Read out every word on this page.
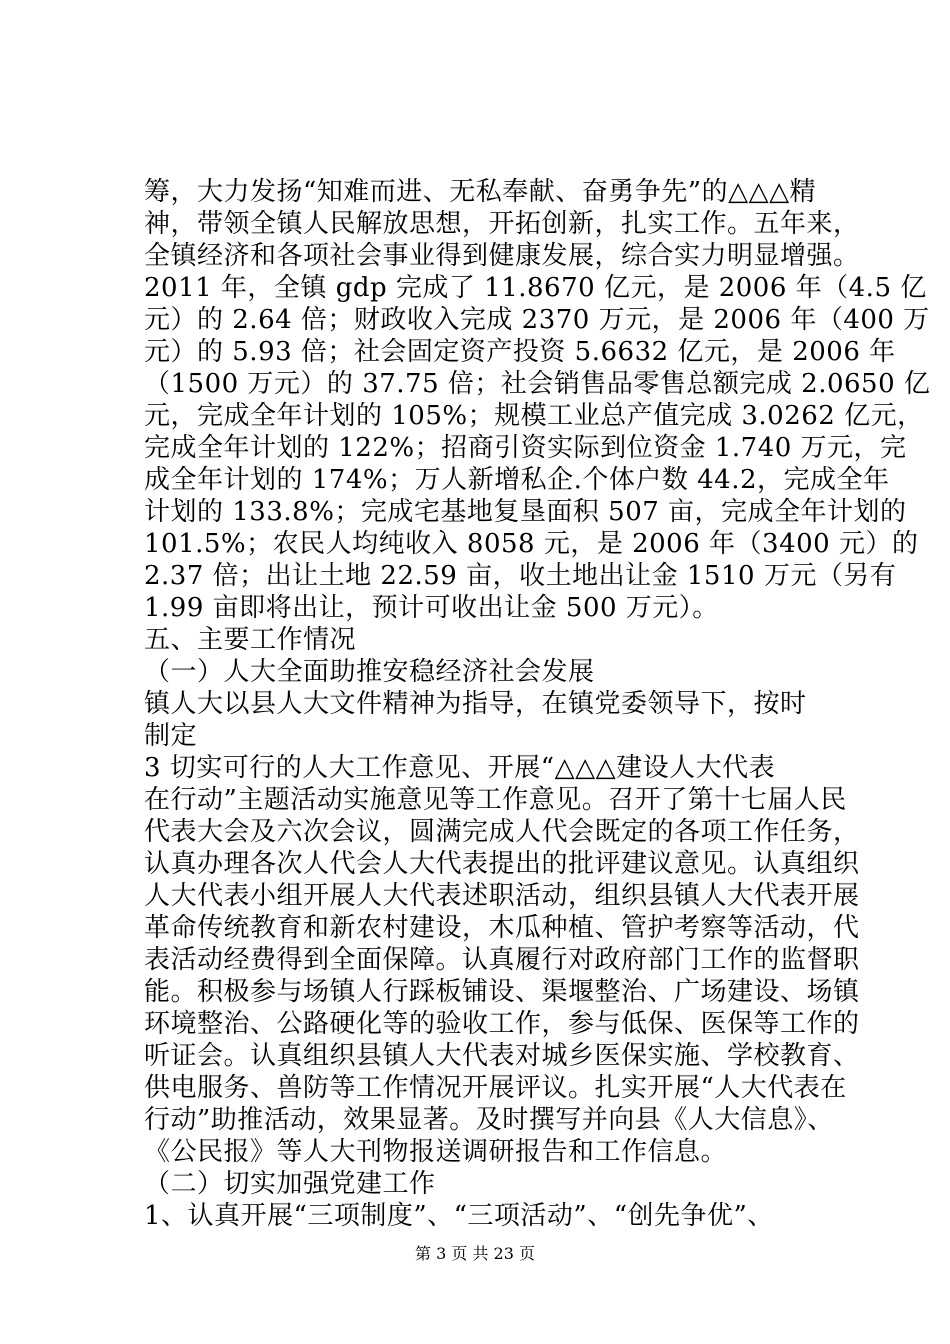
筹，大力发扬“知难而进、无私奉献、奋勇争先”的△△△精
神，带领全镇人民解放思想，开拓创新，扎实工作。五年来，
全镇经济和各项社会事业得到健康发展，综合实力明显增强。
2011 年，全镇 gdp 完成了 11.8670 亿元，是 2006 年（4.5 亿
元）的 2.64 倍；财政收入完成 2370 万元，是 2006 年（400 万
元）的 5.93 倍；社会固定资产投资 5.6632 亿元，是 2006 年
（1500 万元）的 37.75 倍；社会销售品零售总额完成 2.0650 亿
元，完成全年计划的 105%；规模工业总产值完成 3.0262 亿元，
完成全年计划的 122%；招商引资实际到位资金 1.740 万元，完
成全年计划的 174%；万人新增私企.个体户数 44.2，完成全年
计划的 133.8%；完成宅基地复垦面积 507 亩，完成全年计划的
101.5%；农民人均纯收入 8058 元，是 2006 年（3400 元）的
2.37 倍；出让土地 22.59 亩，收土地出让金 1510 万元（另有
1.99 亩即将出让，预计可收出让金 500 万元）。
五、主要工作情况
（一）人大全面助推安稳经济社会发展
镇人大以县人大文件精神为指导，在镇党委领导下，按时
制定
3 切实可行的人大工作意见、开展“△△△建设人大代表
在行动”主题活动实施意见等工作意见。召开了第十七届人民
代表大会及六次会议，圆满完成人代会既定的各项工作任务，
认真办理各次人代会人大代表提出的批评建议意见。认真组织
人大代表小组开展人大代表述职活动，组织县镇人大代表开展
革命传统教育和新农村建设，木瓜种植、管护考察等活动，代
表活动经费得到全面保障。认真履行对政府部门工作的监督职
能。积极参与场镇人行踩板铺设、渠堰整治、广场建设、场镇
环境整治、公路硬化等的验收工作，参与低保、医保等工作的
听证会。认真组织县镇人大代表对城乡医保实施、学校教育、
供电服务、兽防等工作情况开展评议。扎实开展“人大代表在
行动”助推活动，效果显著。及时撰写并向县《人大信息》、
《公民报》等人大刊物报送调研报告和工作信息。
（二）切实加强党建工作
1、认真开展“三项制度”、“三项活动”、“创先争优”、
第 3 页 共 23 页
